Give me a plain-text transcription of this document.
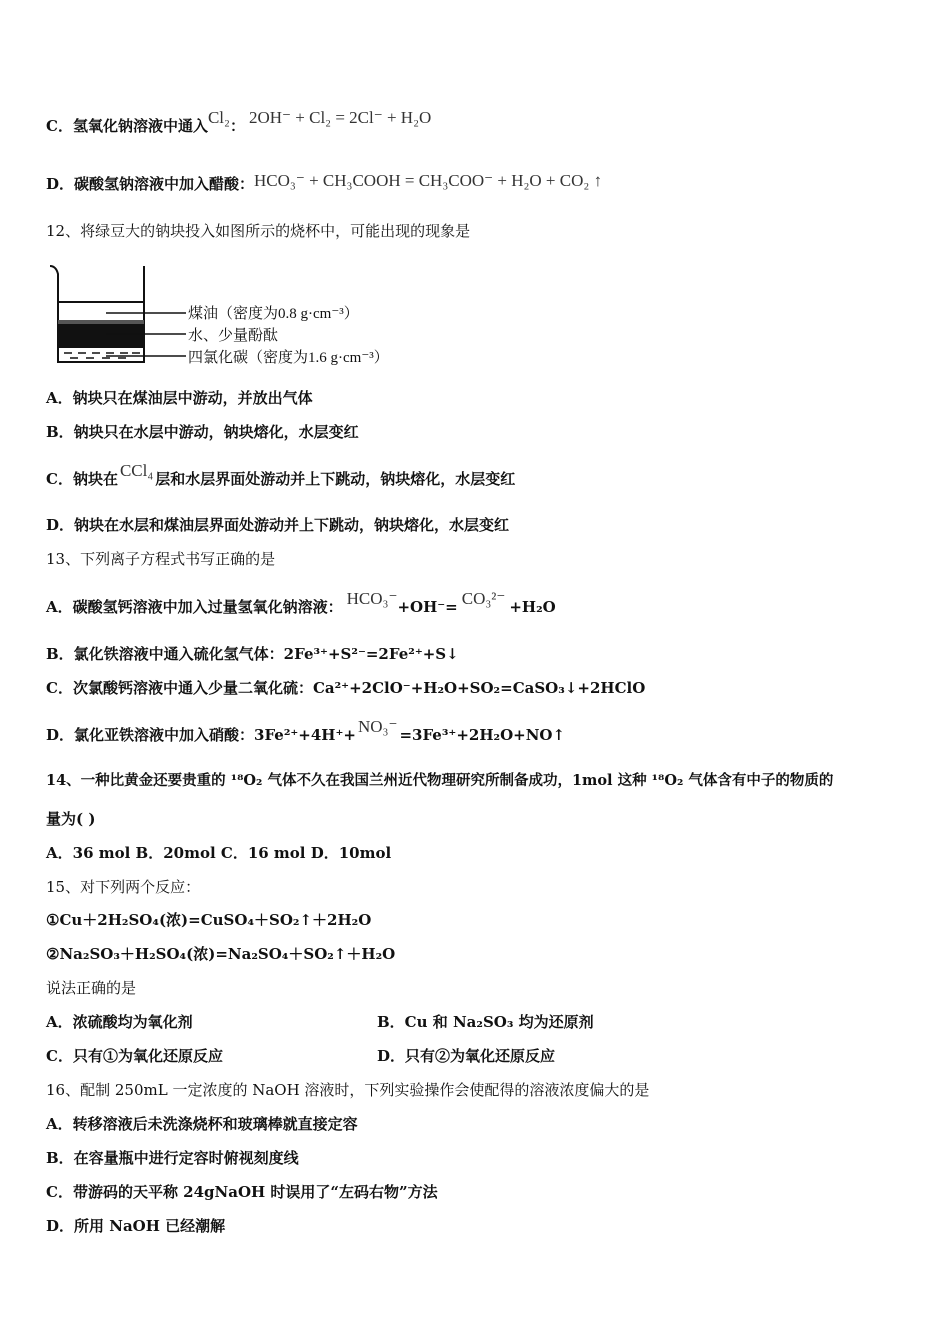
C．氢氧化钠溶液中通入Cl₂： 2OH⁻ + Cl₂ = 2Cl⁻ + H₂O
D．碳酸氢钠溶液中加入醋酸：HCO₃⁻ + CH₃COOH = CH₃COO⁻ + H₂O + CO₂ ↑
12、将绿豆大的钠块投入如图所示的烧杯中，可能出现的现象是
煤油（密度为0.8 g·cm⁻³）
水、少量酚酞
四氯化碳（密度为1.6 g·cm⁻³）
A．钠块只在煤油层中游动，并放出气体
B．钠块只在水层中游动，钠块熔化，水层变红
C．钠块在 CCl₄ 层和水层界面处游动并上下跳动，钠块熔化，水层变红
D．钠块在水层和煤油层界面处游动并上下跳动，钠块熔化，水层变红
13、下列离子方程式书写正确的是
A．碳酸氢钙溶液中加入过量氢氧化钠溶液： HCO₃⁻+OH⁻= CO₃²⁻ +H₂O
B．氯化铁溶液中通入硫化氢气体：2Fe³⁺+S²⁻=2Fe²⁺+S↓
C．次氯酸钙溶液中通入少量二氧化硫：Ca²⁺+2ClO⁻+H₂O+SO₂=CaSO₃↓+2HClO
D．氯化亚铁溶液中加入硝酸：3Fe²⁺+4H⁺+ NO₃⁻ =3Fe³⁺+2H₂O+NO↑
14、一种比黄金还要贵重的 ¹⁸O₂ 气体不久在我国兰州近代物理研究所制备成功，1mol 这种 ¹⁸O₂ 气体含有中子的物质的
量为( )
A．36 mol B．20mol C．16 mol D．10mol
15、对下列两个反应：
①Cu＋2H₂SO₄(浓)=CuSO₄＋SO₂↑＋2H₂O
②Na₂SO₃＋H₂SO₄(浓)=Na₂SO₄＋SO₂↑＋H₂O
说法正确的是
A．浓硫酸均为氧化剂	B．Cu 和 Na₂SO₃ 均为还原剂
C．只有①为氧化还原反应	D．只有②为氧化还原反应
16、配制 250mL 一定浓度的 NaOH 溶液时，下列实验操作会使配得的溶液浓度偏大的是
A．转移溶液后未洗涤烧杯和玻璃棒就直接定容
B．在容量瓶中进行定容时俯视刻度线
C．带游码的天平称 24gNaOH 时误用了“左码右物”方法
D．所用 NaOH 已经潮解
